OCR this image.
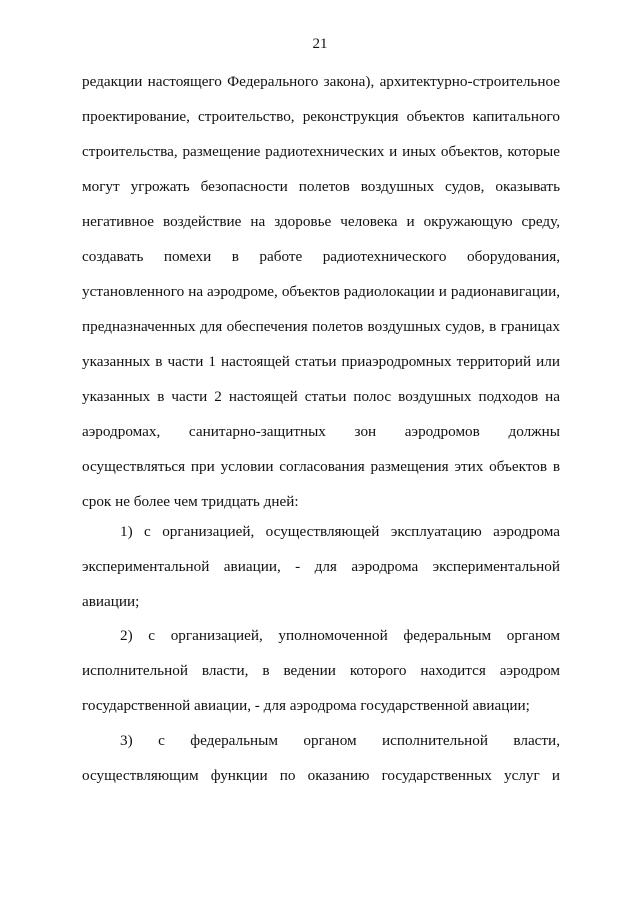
21
редакции настоящего Федерального закона), архитектурно-строительное
проектирование, строительство, реконструкция объектов капитального
строительства, размещение радиотехнических и иных объектов, которые
могут угрожать безопасности полетов воздушных судов, оказывать
негативное воздействие на здоровье человека и окружающую среду,
создавать помехи в работе радиотехнического оборудования,
установленного на аэродроме, объектов радиолокации и радионавигации,
предназначенных для обеспечения полетов воздушных судов, в границах
указанных в части 1 настоящей статьи приаэродромных территорий или
указанных в части 2 настоящей статьи полос воздушных подходов на
аэродромах, санитарно-защитных зон аэродромов должны
осуществляться при условии согласования размещения этих объектов в
срок не более чем тридцать дней:
1) с организацией, осуществляющей эксплуатацию аэродрома
экспериментальной авиации, - для аэродрома экспериментальной
авиации;
2) с организацией, уполномоченной федеральным органом
исполнительной власти, в ведении которого находится аэродром
государственной авиации, - для аэродрома государственной авиации;
3) с федеральным органом исполнительной власти,
осуществляющим функции по оказанию государственных услуг и
